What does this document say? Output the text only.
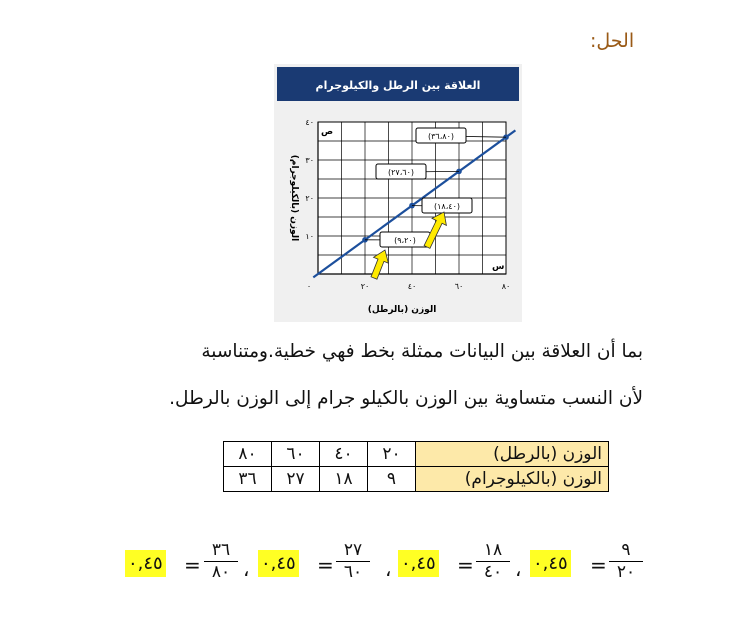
الحل:
العلاقة بين الرطل والكيلوجرام
٠	٢٠	٤٠	٦٠	٨٠
١٠
٢٠
٣٠
٤٠
س
ص
الوزن (بالرطل)
الوزن (بالكيلوجرام)
(٣٦،٨٠)
(٢٧،٦٠)
(١٨،٤٠)
(٩،٢٠)
بما أن العلاقة بين البيانات ممثلة بخط فهي خطية.ومتناسبة
لأن النسب متساوية بين الوزن بالكيلو جرام إلى الوزن بالرطل.
٨٠	٦٠	٤٠	٢٠	الوزن (بالرطل)
٣٦	٢٧	١٨	٩	الوزن (بالكيلوجرام)
٩
٢٠
=
٠,٤٥
،
١٨
٤٠
=
٠,٤٥
،
٢٧
٦٠
=
٠,٤٥
،
٣٦
٨٠
=
٠,٤٥
